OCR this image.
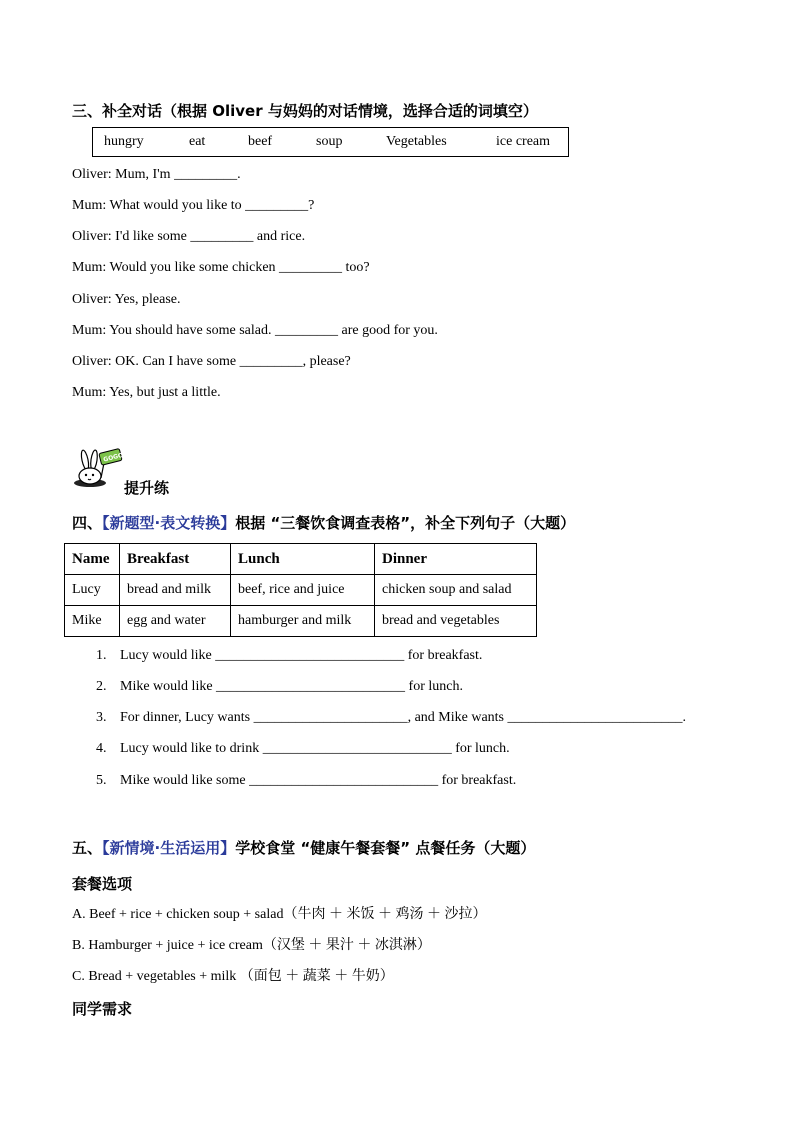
三、补全对话（根据 Oliver 与妈妈的对话情境，选择合适的词填空）
hungry	eat	beef	soup	Vegetables	ice cream
Oliver: Mum, I'm _________.
Mum: What would you like to _________?
Oliver: I'd like some _________ and rice.
Mum: Would you like some chicken _________ too?
Oliver: Yes, please.
Mum: You should have some salad. _________ are good for you.
Oliver: OK. Can I have some _________, please?
Mum: Yes, but just a little.
GOGO
提升练
四、【新题型·表文转换】根据 “三餐饮食调查表格”，补全下列句子（大题）
Name	Breakfast	Lunch	Dinner
Lucy	bread and milk	beef, rice and juice	chicken soup and salad
Mike	egg and water	hamburger and milk	bread and vegetables
1. Lucy would like ___________________________ for breakfast.
2. Mike would like ___________________________ for lunch.
3. For dinner, Lucy wants ______________________, and Mike wants _________________________.
4. Lucy would like to drink ___________________________ for lunch.
5. Mike would like some ___________________________ for breakfast.
五、【新情境·生活运用】学校食堂 “健康午餐套餐” 点餐任务（大题）
套餐选项
A. Beef + rice + chicken soup + salad（牛肉 ＋ 米饭 ＋ 鸡汤 ＋ 沙拉）
B. Hamburger + juice + ice cream（汉堡 ＋ 果汁 ＋ 冰淇淋）
C. Bread + vegetables + milk （面包 ＋ 蔬菜 ＋ 牛奶）
同学需求
